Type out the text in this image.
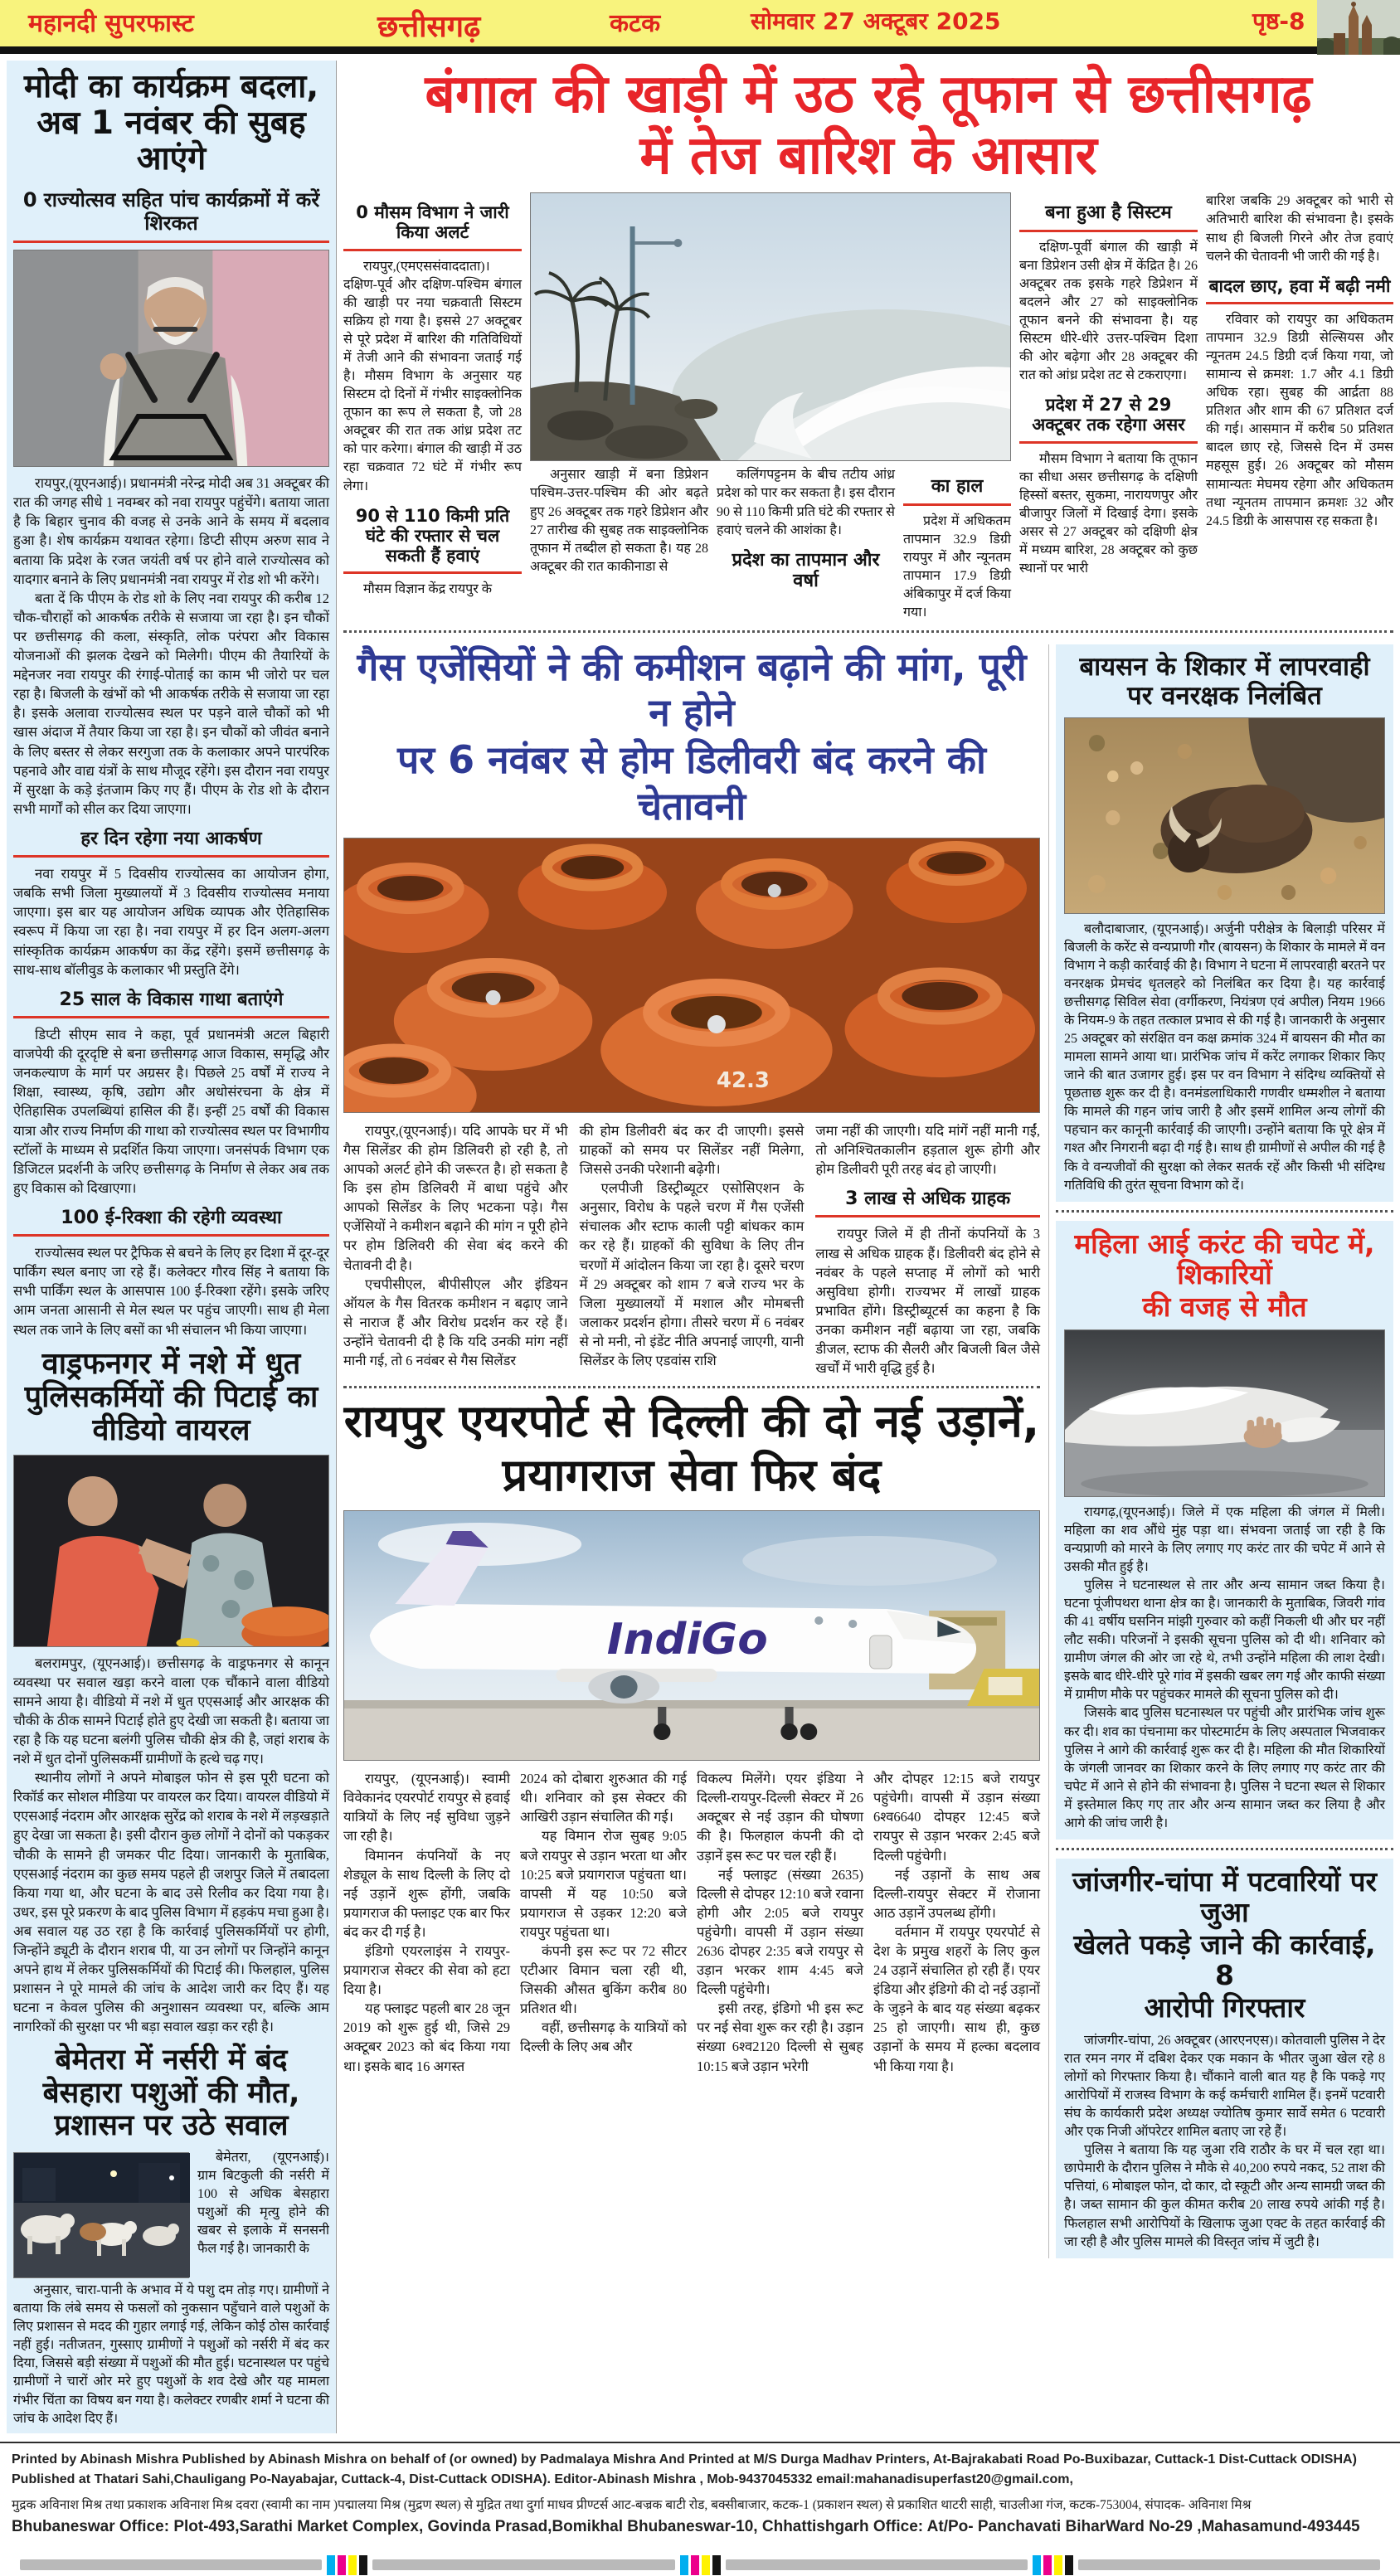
महानदी सुपरफास्ट	छत्तीसगढ़	कटक	सोमवार 27 अक्टूबर 2025	पृष्ठ-8
मोदी का कार्यक्रम बदला, अब 1 नवंबर की सुबह आएंगे
0 राज्योत्सव सहित पांच कार्यक्रमों में करें शिरकत
रायपुर,(यूएनआई)। प्रधानमंत्री नरेन्द्र मोदी अब 31 अक्टूबर की रात की जगह सीधे 1 नवम्बर को नवा रायपुर पहुंचेंगे। बताया जाता है कि बिहार चुनाव की वजह से उनके आने के समय में बदलाव हुआ है। शेष कार्यक्रम यथावत रहेगा। डिप्टी सीएम अरुण साव ने बताया कि प्रदेश के रजत जयंती वर्ष पर होने वाले राज्योत्सव को यादगार बनाने के लिए प्रधानमंत्री नवा रायपुर में रोड शो भी करेंगे।
बता दें कि पीएम के रोड शो के लिए नवा रायपुर की करीब 12 चौक-चौराहों को आकर्षक तरीके से सजाया जा रहा है। इन चौकों पर छत्तीसगढ़ की कला, संस्कृति, लोक परंपरा और विकास योजनाओं की झलक देखने को मिलेगी। पीएम की तैयारियों के मद्देनजर नवा रायपुर की रंगाई-पोताई का काम भी जोरो पर चल रहा है। बिजली के खंभों को भी आकर्षक तरीके से सजाया जा रहा है। इसके अलावा राज्योत्सव स्थल पर पड़ने वाले चौकों को भी खास अंदाज में तैयार किया जा रहा है। इन चौकों को जीवंत बनाने के लिए बस्तर से लेकर सरगुजा तक के कलाकार अपने पारपंरिक पहनावे और वाद्य यंत्रों के साथ मौजूद रहेंगे। इस दौरान नवा रायपुर में सुरक्षा के कड़े इंतजाम किए गए हैं। पीएम के रोड शो के दौरान सभी मार्गों को सील कर दिया जाएगा।
हर दिन रहेगा नया आकर्षण
नवा रायपुर में 5 दिवसीय राज्योत्सव का आयोजन होगा, जबकि सभी जिला मुख्यालयों में 3 दिवसीय राज्योत्सव मनाया जाएगा। इस बार यह आयोजन अधिक व्यापक और ऐतिहासिक स्वरूप में किया जा रहा है। नवा रायपुर में हर दिन अलग-अलग सांस्कृतिक कार्यक्रम आकर्षण का केंद्र रहेंगे। इसमें छत्तीसगढ़ के साथ-साथ बॉलीवुड के कलाकार भी प्रस्तुति देंगे।
25 साल के विकास गाथा बताएंगे
डिप्टी सीएम साव ने कहा, पूर्व प्रधानमंत्री अटल बिहारी वाजपेयी की दूरदृष्टि से बना छत्तीसगढ़ आज विकास, समृद्धि और जनकल्याण के मार्ग पर अग्रसर है। पिछले 25 वर्षों में राज्य ने शिक्षा, स्वास्थ्य, कृषि, उद्योग और अधोसंरचना के क्षेत्र में ऐतिहासिक उपलब्धियां हासिल की हैं। इन्हीं 25 वर्षों की विकास यात्रा और राज्य निर्माण की गाथा को राज्योत्सव स्थल पर विभागीय स्टॉलों के माध्यम से प्रदर्शित किया जाएगा। जनसंपर्क विभाग एक डिजिटल प्रदर्शनी के जरिए छत्तीसगढ़ के निर्माण से लेकर अब तक हुए विकास को दिखाएगा।
100 ई-रिक्शा की रहेगी व्यवस्था
राज्योत्सव स्थल पर ट्रैफिक से बचने के लिए हर दिशा में दूर-दूर पार्किंग स्थल बनाए जा रहे हैं। कलेक्टर गौरव सिंह ने बताया कि सभी पार्किंग स्थल के आसपास 100 ई-रिक्शा रहेंगे। इसके जरिए आम जनता आसानी से मेल स्थल पर पहुंच जाएगी। साथ ही मेला स्थल तक जाने के लिए बसों का भी संचालन भी किया जाएगा।
वाड्रफनगर में नशे में धुत पुलिसकर्मियों की पिटाई का वीडियो वायरल
बलरामपुर, (यूएनआई)। छत्तीसगढ़ के वाड्रफनगर से कानून व्यवस्था पर सवाल खड़ा करने वाला एक चौंकाने वाला वीडियो सामने आया है। वीडियो में नशे में धुत एएसआई और आरक्षक की चौकी के ठीक सामने पिटाई होते हुए देखी जा सकती है। बताया जा रहा है कि यह घटना बलंगी पुलिस चौकी क्षेत्र की है, जहां शराब के नशे में धुत दोनों पुलिसकर्मी ग्रामीणों के हत्थे चढ़ गए।
स्थानीय लोगों ने अपने मोबाइल फोन से इस पूरी घटना को रिकॉर्ड कर सोशल मीडिया पर वायरल कर दिया। वायरल वीडियो में एएसआई नंदराम और आरक्षक सुरेंद्र को शराब के नशे में लड़खड़ाते हुए देखा जा सकता है। इसी दौरान कुछ लोगों ने दोनों को पकड़कर चौकी के सामने ही जमकर पीट दिया। जानकारी के मुताबिक, एएसआई नंदराम का कुछ समय पहले ही जशपुर जिले में तबादला किया गया था, और घटना के बाद उसे रिलीव कर दिया गया है। उधर, इस पूरे प्रकरण के बाद पुलिस विभाग में हड़कंप मचा हुआ है। अब सवाल यह उठ रहा है कि कार्रवाई पुलिसकर्मियों पर होगी, जिन्होंने ड्यूटी के दौरान शराब पी, या उन लोगों पर जिन्होंने कानून अपने हाथ में लेकर पुलिसकर्मियों की पिटाई की। फिलहाल, पुलिस प्रशासन ने पूरे मामले की जांच के आदेश जारी कर दिए हैं। यह घटना न केवल पुलिस की अनुशासन व्यवस्था पर, बल्कि आम नागरिकों की सुरक्षा पर भी बड़ा सवाल खड़ा कर रही है।
बेमेतरा में नर्सरी में बंद बेसहारा पशुओं की मौत, प्रशासन पर उठे सवाल
बेमेतरा, (यूएनआई)। ग्राम बिटकुली की नर्सरी में 100 से अधिक बेसहारा पशुओं की मृत्यु होने की खबर से इलाके में सनसनी फैल गई है। जानकारी के
अनुसार, चारा-पानी के अभाव में ये पशु दम तोड़ गए। ग्रामीणों ने बताया कि लंबे समय से फसलों को नुकसान पहुँचाने वाले पशुओं के लिए प्रशासन से मदद की गुहार लगाई गई, लेकिन कोई ठोस कार्रवाई नहीं हुई। नतीजतन, गुस्साए ग्रामीणों ने पशुओं को नर्सरी में बंद कर दिया, जिससे बड़ी संख्या में पशुओं की मौत हुई। घटनास्थल पर पहुंचे ग्रामीणों ने चारों ओर मरे हुए पशुओं के शव देखे और यह मामला गंभीर चिंता का विषय बन गया है। कलेक्टर रणबीर शर्मा ने घटना की जांच के आदेश दिए हैं।
बंगाल की खाड़ी में उठ रहे तूफान से छत्तीसगढ़
में तेज बारिश के आसार
0 मौसम विभाग ने जारी किया अलर्ट
रायपुर,(एमएससंवाददाता)। दक्षिण-पूर्व और दक्षिण-पश्चिम बंगाल की खाड़ी पर नया चक्रवाती सिस्टम सक्रिय हो गया है। इससे 27 अक्टूबर से पूरे प्रदेश में बारिश की गतिविधियों में तेजी आने की संभावना जताई गई है। मौसम विभाग के अनुसार यह सिस्टम दो दिनों में गंभीर साइक्लोनिक तूफान का रूप ले सकता है, जो 28 अक्टूबर की रात तक आंध्र प्रदेश तट को पार करेगा। बंगाल की खाड़ी में उठ रहा चक्रवात 72 घंटे में गंभीर रूप लेगा।
90 से 110 किमी प्रति घंटे की रफ्तार से चल सकती हैं हवाएं
मौसम विज्ञान केंद्र रायपुर के
अनुसार खाड़ी में बना डिप्रेशन पश्चिम-उत्तर-पश्चिम की ओर बढ़ते हुए 26 अक्टूबर तक गहरे डिप्रेशन और 27 तारीख की सुबह तक साइक्लोनिक तूफान में तब्दील हो सकता है। यह 28 अक्टूबर की रात काकीनाडा से
कलिंगपट्टनम के बीच तटीय आंध्र प्रदेश को पार कर सकता है। इस दौरान 90 से 110 किमी प्रति घंटे की रफ्तार से हवाएं चलने की आशंका है।
प्रदेश का तापमान और वर्षा
का हाल
प्रदेश में अधिकतम तापमान 32.9 डिग्री रायपुर में और न्यूनतम तापमान 17.9 डिग्री अंबिकापुर में दर्ज किया गया।
बना हुआ है सिस्टम
दक्षिण-पूर्वी बंगाल की खाड़ी में बना डिप्रेशन उसी क्षेत्र में केंद्रित है। 26 अक्टूबर तक इसके गहरे डिप्रेशन में बदलने और 27 को साइक्लोनिक तूफान बनने की संभावना है। यह सिस्टम धीरे-धीरे उत्तर-पश्चिम दिशा की ओर बढ़ेगा और 28 अक्टूबर की रात को आंध्र प्रदेश तट से टकराएगा।
प्रदेश में 27 से 29 अक्टूबर तक रहेगा असर
मौसम विभाग ने बताया कि तूफान का सीधा असर छत्तीसगढ़ के दक्षिणी हिस्सों बस्तर, सुकमा, नारायणपुर और बीजापुर जिलों में दिखाई देगा। इसके असर से 27 अक्टूबर को दक्षिणी क्षेत्र में मध्यम बारिश, 28 अक्टूबर को कुछ स्थानों पर भारी
बारिश जबकि 29 अक्टूबर को भारी से अतिभारी बारिश की संभावना है। इसके साथ ही बिजली गिरने और तेज हवाएं चलने की चेतावनी भी जारी की गई है।
बादल छाए, हवा में बढ़ी नमी
रविवार को रायपुर का अधिकतम तापमान 32.9 डिग्री सेल्सियस और न्यूनतम 24.5 डिग्री दर्ज किया गया, जो सामान्य से क्रमश: 1.7 और 4.1 डिग्री अधिक रहा। सुबह की आर्द्रता 88 प्रतिशत और शाम की 67 प्रतिशत दर्ज की गई। आसमान में करीब 50 प्रतिशत बादल छाए रहे, जिससे दिन में उमस महसूस हुई। 26 अक्टूबर को मौसम सामान्यतः मेघमय रहेगा और अधिकतम तथा न्यूनतम तापमान क्रमशः 32 और 24.5 डिग्री के आसपास रह सकता है।
गैस एजेंसियों ने की कमीशन बढ़ाने की मांग, पूरी न होने
पर 6 नवंबर से होम डिलीवरी बंद करने की चेतावनी
42.3
रायपुर,(यूएनआई)। यदि आपके घर में भी गैस सिलेंडर की होम डिलिवरी हो रही है, तो आपको अलर्ट होने की जरूरत है। हो सकता है कि इस होम डिलिवरी में बाधा पहुंचे और आपको सिलेंडर के लिए भटकना पड़े। गैस एजेंसियों ने कमीशन बढ़ाने की मांग न पूरी होने पर होम डिलिवरी की सेवा बंद करने की चेतावनी दी है।
एचपीसीएल, बीपीसीएल और इंडियन ऑयल के गैस वितरक कमीशन न बढ़ाए जाने से नाराज हैं और विरोध प्रदर्शन कर रहे हैं। उन्होंने चेतावनी दी है कि यदि उनकी मांग नहीं मानी गई, तो 6 नवंबर से गैस सिलेंडर
की होम डिलीवरी बंद कर दी जाएगी। इससे ग्राहकों को समय पर सिलेंडर नहीं मिलेगा, जिससे उनकी परेशानी बढ़ेगी।
एलपीजी डिस्ट्रीब्यूटर एसोसिएशन के अनुसार, विरोध के पहले चरण में गैस एजेंसी संचालक और स्टाफ काली पट्टी बांधकर काम कर रहे हैं। ग्राहकों की सुविधा के लिए तीन चरणों में आंदोलन किया जा रहा है। दूसरे चरण में 29 अक्टूबर को शाम 7 बजे राज्य भर के जिला मुख्यालयों में मशाल और मोमबत्ती जलाकर प्रदर्शन होगा। तीसरे चरण में 6 नवंबर से नो मनी, नो इंडेंट नीति अपनाई जाएगी, यानी सिलेंडर के लिए एडवांस राशि
जमा नहीं की जाएगी। यदि मांगें नहीं मानी गईं, तो अनिश्चितकालीन हड़ताल शुरू होगी और होम डिलीवरी पूरी तरह बंद हो जाएगी।
3 लाख से अधिक ग्राहक
रायपुर जिले में ही तीनों कंपनियों के 3 लाख से अधिक ग्राहक हैं। डिलीवरी बंद होने से नवंबर के पहले सप्ताह में लोगों को भारी असुविधा होगी। राज्यभर में लाखों ग्राहक प्रभावित होंगे। डिस्ट्रीब्यूटर्स का कहना है कि उनका कमीशन नहीं बढ़ाया जा रहा, जबकि डीजल, स्टाफ की सैलरी और बिजली बिल जैसे खर्चों में भारी वृद्धि हुई है।
रायपुर एयरपोर्ट से दिल्ली की दो नई उड़ानें,
प्रयागराज सेवा फिर बंद
IndiGo
रायपुर, (यूएनआई)। स्वामी विवेकानंद एयरपोर्ट रायपुर से हवाई यात्रियों के लिए नई सुविधा जुड़ने जा रही है।
विमानन कंपनियों के नए शेड्यूल के साथ दिल्ली के लिए दो नई उड़ानें शुरू होंगी, जबकि प्रयागराज की फ्लाइट एक बार फिर बंद कर दी गई है।
इंडिगो एयरलाइंस ने रायपुर-प्रयागराज सेक्टर की सेवा को हटा दिया है।
यह फ्लाइट पहली बार 28 जून 2019 को शुरू हुई थी, जिसे 29 अक्टूबर 2023 को बंद किया गया था। इसके बाद 16 अगस्त
2024 को दोबारा शुरुआत की गई थी। शनिवार को इस सेक्टर की आखिरी उड़ान संचालित की गई।
यह विमान रोज सुबह 9:05 बजे रायपुर से उड़ान भरता था और 10:25 बजे प्रयागराज पहुंचता था। वापसी में यह 10:50 बजे प्रयागराज से उड़कर 12:20 बजे रायपुर पहुंचता था।
कंपनी इस रूट पर 72 सीटर एटीआर विमान चला रही थी, जिसकी औसत बुकिंग करीब 80 प्रतिशत थी।
वहीं, छत्तीसगढ़ के यात्रियों को दिल्ली के लिए अब और
विकल्प मिलेंगे। एयर इंडिया ने दिल्ली-रायपुर-दिल्ली सेक्टर में 26 अक्टूबर से नई उड़ान की घोषणा की है। फिलहाल कंपनी की दो उड़ानें इस रूट पर चल रही हैं।
नई फ्लाइट (संख्या 2635) दिल्ली से दोपहर 12:10 बजे रवाना होगी और 2:05 बजे रायपुर पहुंचेगी। वापसी में उड़ान संख्या 2636 दोपहर 2:35 बजे रायपुर से उड़ान भरकर शाम 4:45 बजे दिल्ली पहुंचेगी।
इसी तरह, इंडिगो भी इस रूट पर नई सेवा शुरू कर रही है। उड़ान संख्या 6श्व2120 दिल्ली से सुबह 10:15 बजे उड़ान भरेगी
और दोपहर 12:15 बजे रायपुर पहुंचेगी। वापसी में उड़ान संख्या 6श्व6640 दोपहर 12:45 बजे रायपुर से उड़ान भरकर 2:45 बजे दिल्ली पहुंचेगी।
नई उड़ानों के साथ अब दिल्ली-रायपुर सेक्टर में रोजाना आठ उड़ानें उपलब्ध होंगी।
वर्तमान में रायपुर एयरपोर्ट से देश के प्रमुख शहरों के लिए कुल 24 उड़ानें संचालित हो रही हैं। एयर इंडिया और इंडिगो की दो नई उड़ानों के जुड़ने के बाद यह संख्या बढ़कर 25 हो जाएगी। साथ ही, कुछ उड़ानों के समय में हल्का बदलाव भी किया गया है।
बायसन के शिकार में लापरवाही पर वनरक्षक निलंबित
बलौदाबाजार, (यूएनआई)। अर्जुनी परीक्षेत्र के बिलाड़ी परिसर में बिजली के करेंट से वन्यप्राणी गौर (बायसन) के शिकार के मामले में वन विभाग ने कड़ी कार्रवाई की है। विभाग ने घटना में लापरवाही बरतने पर वनरक्षक प्रेमचंद धृतलहरे को निलंबित कर दिया है। यह कार्रवाई छत्तीसगढ़ सिविल सेवा (वर्गीकरण, नियंत्रण एवं अपील) नियम 1966 के नियम-9 के तहत तत्काल प्रभाव से की गई है। जानकारी के अनुसार 25 अक्टूबर को संरक्षित वन कक्ष क्रमांक 324 में बायसन की मौत का मामला सामने आया था। प्रारंभिक जांच में करेंट लगाकर शिकार किए जाने की बात उजागर हुई। इस पर वन विभाग ने संदिग्ध व्यक्तियों से पूछताछ शुरू कर दी है। वनमंडलाधिकारी गणवीर धम्मशील ने बताया कि मामले की गहन जांच जारी है और इसमें शामिल अन्य लोगों की पहचान कर कानूनी कार्रवाई की जाएगी। उन्होंने बताया कि पूरे क्षेत्र में गश्त और निगरानी बढ़ा दी गई है। साथ ही ग्रामीणों से अपील की गई है कि वे वन्यजीवों की सुरक्षा को लेकर सतर्क रहें और किसी भी संदिग्ध गतिविधि की तुरंत सूचना विभाग को दें।
महिला आई करंट की चपेट में, शिकारियों
की वजह से मौत
रायगढ़,(यूएनआई)। जिले में एक महिला की जंगल में मिली। महिला का शव औंधे मुंह पड़ा था। संभवना जताई जा रही है कि वन्यप्राणी को मारने के लिए लगाए गए करंट तार की चपेट में आने से उसकी मौत हुई है।
पुलिस ने घटनास्थल से तार और अन्य सामान जब्त किया है। घटना पूंजीपथरा थाना क्षेत्र का है। जानकारी के मुताबिक, जिवरी गांव की 41 वर्षीय घसनिन मांझी गुरुवार को कहीं निकली थी और घर नहीं लौट सकी। परिजनों ने इसकी सूचना पुलिस को दी थी। शनिवार को ग्रामीण जंगल की ओर जा रहे थे, तभी उन्होंने महिला की लाश देखी। इसके बाद धीरे-धीरे पूरे गांव में इसकी खबर लग गई और काफी संख्या में ग्रामीण मौके पर पहुंचकर मामले की सूचना पुलिस को दी।
जिसके बाद पुलिस घटनास्थल पर पहुंची और प्रारंभिक जांच शुरू कर दी। शव का पंचनामा कर पोस्टमार्टम के लिए अस्पताल भिजवाकर पुलिस ने आगे की कार्रवाई शुरू कर दी है। महिला की मौत शिकारियों के जंगली जानवर का शिकार करने के लिए लगाए गए करंट तार की चपेट में आने से होने की संभावना है। पुलिस ने घटना स्थल से शिकार में इस्तेमाल किए गए तार और अन्य सामान जब्त कर लिया है और आगे की जांच जारी है।
जांजगीर-चांपा में पटवारियों पर जुआ
खेलते पकड़े जाने की कार्रवाई, 8
आरोपी गिरफ्तार
जांजगीर-चांपा, 26 अक्टूबर (आरएनएस)। कोतवाली पुलिस ने देर रात रमन नगर में दबिश देकर एक मकान के भीतर जुआ खेल रहे 8 लोगों को गिरफ्तार किया है। चौंकाने वाली बात यह है कि पकड़े गए आरोपियों में राजस्व विभाग के कई कर्मचारी शामिल हैं। इनमें पटवारी संघ के कार्यकारी प्रदेश अध्यक्ष ज्योतिष कुमार सार्वे समेत 6 पटवारी और एक निजी ऑपरेटर शामिल बताए जा रहे हैं।
पुलिस ने बताया कि यह जुआ रवि राठौर के घर में चल रहा था। छापेमारी के दौरान पुलिस ने मौके से 40,200 रुपये नकद, 52 ताश की पत्तियां, 6 मोबाइल फोन, दो कार, दो स्कूटी और अन्य सामग्री जब्त की है। जब्त सामान की कुल कीमत करीब 20 लाख रुपये आंकी गई है। फिलहाल सभी आरोपियों के खिलाफ जुआ एक्ट के तहत कार्रवाई की जा रही है और पुलिस मामले की विस्तृत जांच में जुटी है।
Printed by Abinash Mishra Published by Abinash Mishra on behalf of (or owned) by Padmalaya Mishra And Printed at M/S Durga Madhav Printers, At-Bajrakabati Road Po-Buxibazar, Cuttack-1 Dist-Cuttack ODISHA)
Published at Thatari Sahi,Chauligang Po-Nayabajar, Cuttack-4, Dist-Cuttack ODISHA). Editor-Abinash Mishra , Mob-9437045332 email:mahanadisuperfast20@gmail.com,
मुद्रक अविनाश मिश्र तथा प्रकाशक अविनाश मिश्र दवरा (स्वामी का नाम )पद्मालया मिश्र (मुद्रण स्थल) से मुद्रित तथा दुर्गा माधव प्रीण्टर्स आट-बज्रक बाटी रोड, बक्सीबाजार, कटक-1 (प्रकाशन स्थल) से प्रकाशित थाटरी साही, चाउलीआ गंज, कटक-753004, संपादक- अविनाश मिश्र
Bhubaneswar Office: Plot-493,Sarathi Market Complex, Govinda Prasad,Bomikhal Bhubaneswar-10, Chhattishgarh Office: At/Po- Panchavati BiharWard No-29 ,Mahasamund-493445
